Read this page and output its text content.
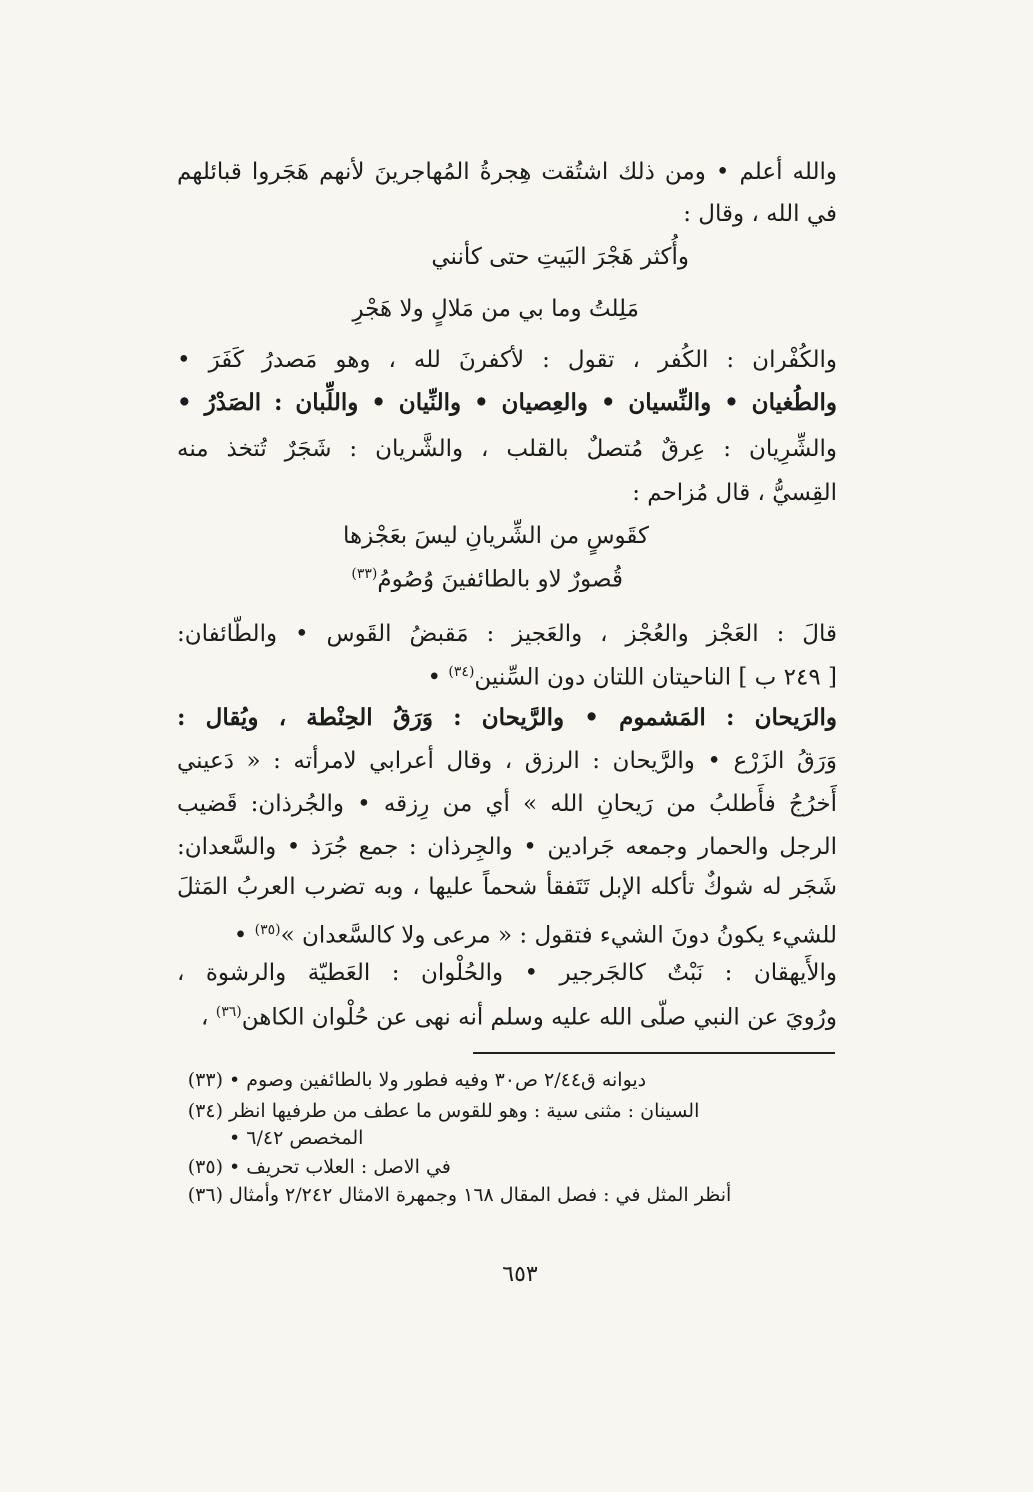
والله أعلم • ومن ذلك اشتُقت هِجرةُ المُهاجرينَ لأنهم هَجَروا قبائلهم
في الله ، وقال :
وأُكثر هَجْرَ البَيتِ حتى كأنني
مَلِلتُ وما بي من مَلالٍ ولا هَجْرِ
والكُفْران : الكُفر ، تقول : لأكفرنَ لله ، وهو مَصدرُ كَفَرَ •
والطُغيان • والنِّسيان • والعِصيان • والنِّيان • واللِّبان : الصَدْرُ •
والشِّرِيان : عِرقٌ مُتصلٌ بالقلب ، والشَّريان : شَجَرٌ تُتخذ منه
القِسيُّ ، قال مُزاحم :
كقَوسٍ من الشِّريانِ ليسَ بعَجْزها
قُصورٌ لاو بالطائفينَ وُصُومُ$^{(٣٣)}$
قالَ : العَجْز والعُجْز ، والعَجيز : مَقبضُ القَوس • والطّائفان:
[ ٢٤٩ ب ] الناحيتان اللتان دون السِّنين$^{(٣٤)}$ •
والرَيحان : المَشموم • والرَّيحان : وَرَقُ الحِنْطة ، ويُقال :
وَرَقُ الزَرْع • والرَّيحان : الرزق ، وقال أعرابي لامرأته : « دَعيني
أَخرُجُ فأَطلبُ من رَيحانِ الله » أي من رِزقه • والجُرذان: قَضيب
الرجل والحمار وجمعه جَرادين • والجِرذان : جمع جُرَذ • والسَّعدان:
شَجَر له شوكٌ تأكله الإبل تَتَفقأ شحماً عليها ، وبه تضرب العربُ المَثلَ
للشيء يكونُ دونَ الشيء فتقول : « مرعى ولا كالسَّعدان »$^{(٣٥)}$ •
والأَيهقان : نَبْتٌ كالجَرجير • والحُلْوان : العَطيّة والرشوة ،
ورُويَ عن النبي صلّى الله عليه وسلم أنه نهى عن حُلْوان الكاهن$^{(٣٦)}$ ،
(٣٣) ديوانه ق٢/٤٤ ص٣٠ وفيه فطور ولا بالطائفين وصوم •
(٣٤) السينان : مثنى سية : وهو للقوس ما عطف من طرفيها انظر
المخصص ٦/٤٢ •
(٣٥) في الاصل : العلاب تحريف •
(٣٦) أنظر المثل في : فصل المقال ١٦٨ وجمهرة الامثال ٢/٢٤٢ وأمثال
٦٥٣
